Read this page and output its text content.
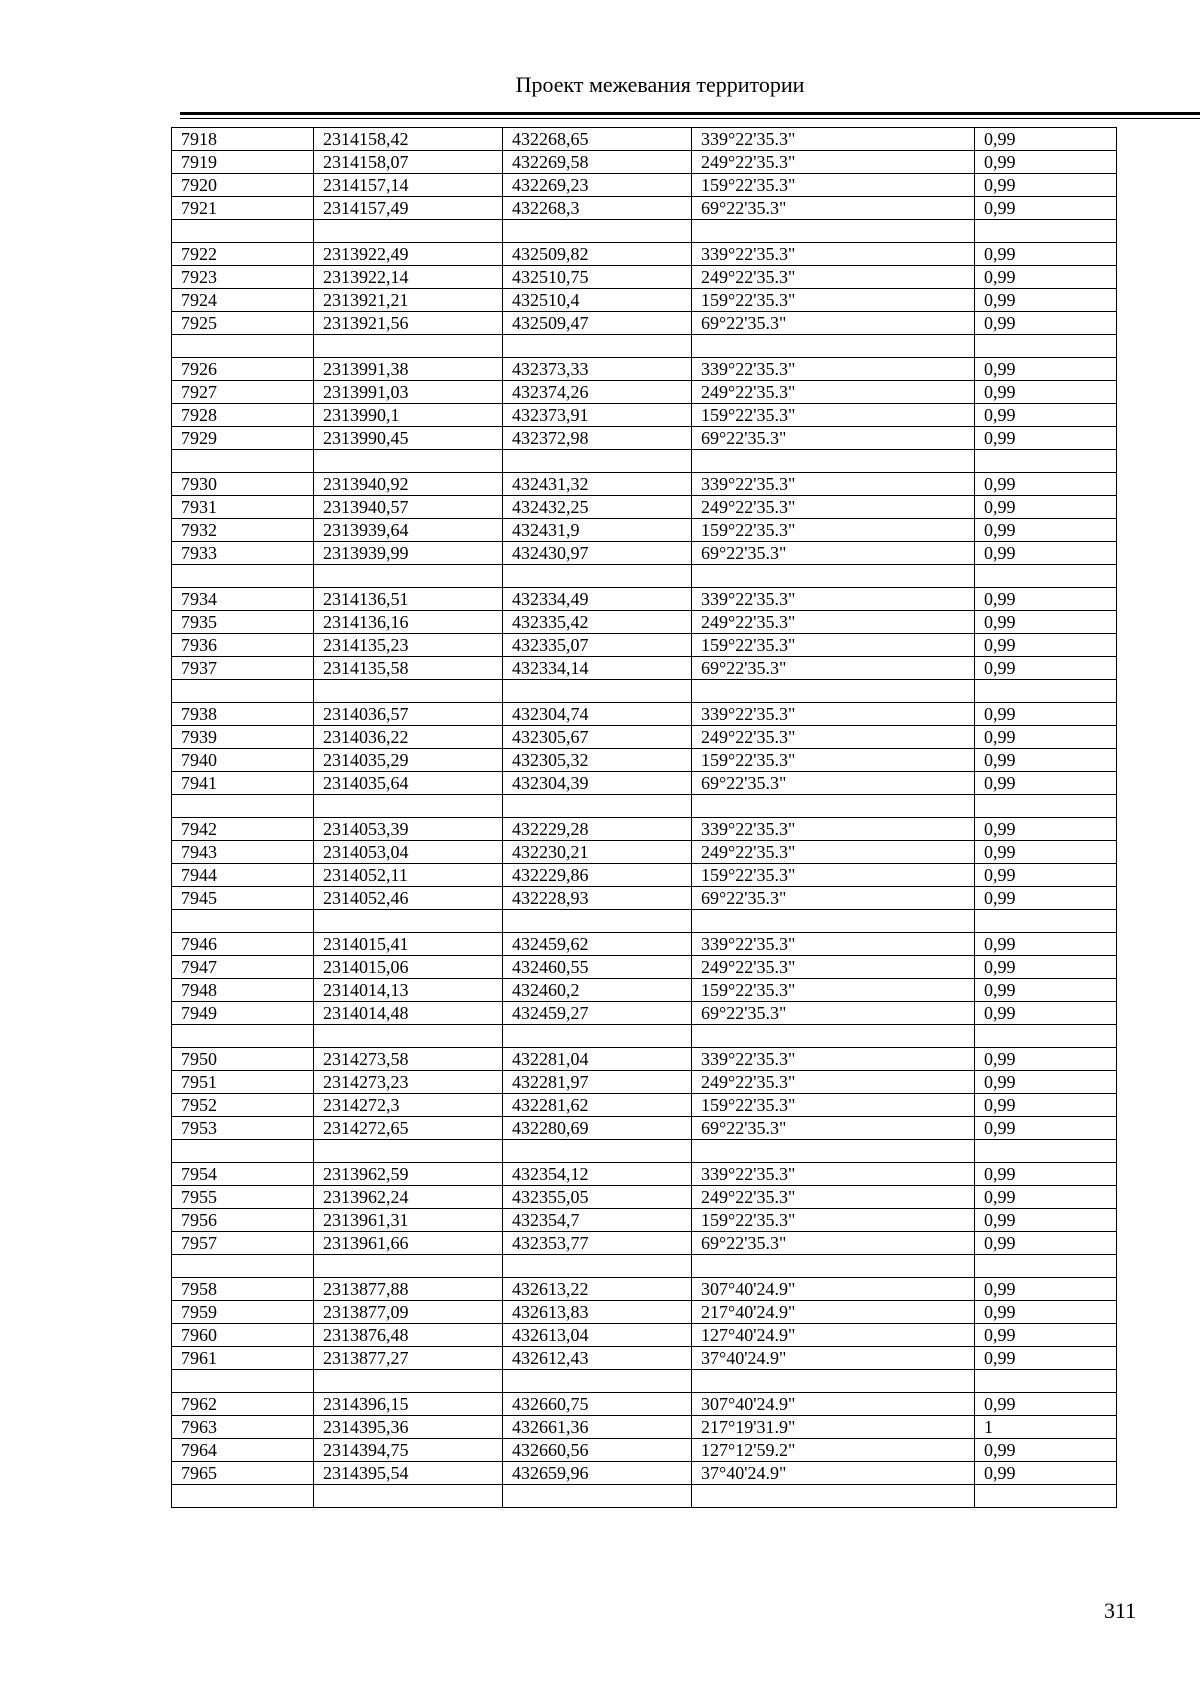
Проект межевания территории
7918	2314158,42	432268,65	339°22'35.3"	0,99
7919	2314158,07	432269,58	249°22'35.3"	0,99
7920	2314157,14	432269,23	159°22'35.3"	0,99
7921	2314157,49	432268,3	69°22'35.3"	0,99

7922	2313922,49	432509,82	339°22'35.3"	0,99
7923	2313922,14	432510,75	249°22'35.3"	0,99
7924	2313921,21	432510,4	159°22'35.3"	0,99
7925	2313921,56	432509,47	69°22'35.3"	0,99

7926	2313991,38	432373,33	339°22'35.3"	0,99
7927	2313991,03	432374,26	249°22'35.3"	0,99
7928	2313990,1	432373,91	159°22'35.3"	0,99
7929	2313990,45	432372,98	69°22'35.3"	0,99

7930	2313940,92	432431,32	339°22'35.3"	0,99
7931	2313940,57	432432,25	249°22'35.3"	0,99
7932	2313939,64	432431,9	159°22'35.3"	0,99
7933	2313939,99	432430,97	69°22'35.3"	0,99

7934	2314136,51	432334,49	339°22'35.3"	0,99
7935	2314136,16	432335,42	249°22'35.3"	0,99
7936	2314135,23	432335,07	159°22'35.3"	0,99
7937	2314135,58	432334,14	69°22'35.3"	0,99

7938	2314036,57	432304,74	339°22'35.3"	0,99
7939	2314036,22	432305,67	249°22'35.3"	0,99
7940	2314035,29	432305,32	159°22'35.3"	0,99
7941	2314035,64	432304,39	69°22'35.3"	0,99

7942	2314053,39	432229,28	339°22'35.3"	0,99
7943	2314053,04	432230,21	249°22'35.3"	0,99
7944	2314052,11	432229,86	159°22'35.3"	0,99
7945	2314052,46	432228,93	69°22'35.3"	0,99

7946	2314015,41	432459,62	339°22'35.3"	0,99
7947	2314015,06	432460,55	249°22'35.3"	0,99
7948	2314014,13	432460,2	159°22'35.3"	0,99
7949	2314014,48	432459,27	69°22'35.3"	0,99

7950	2314273,58	432281,04	339°22'35.3"	0,99
7951	2314273,23	432281,97	249°22'35.3"	0,99
7952	2314272,3	432281,62	159°22'35.3"	0,99
7953	2314272,65	432280,69	69°22'35.3"	0,99

7954	2313962,59	432354,12	339°22'35.3"	0,99
7955	2313962,24	432355,05	249°22'35.3"	0,99
7956	2313961,31	432354,7	159°22'35.3"	0,99
7957	2313961,66	432353,77	69°22'35.3"	0,99

7958	2313877,88	432613,22	307°40'24.9"	0,99
7959	2313877,09	432613,83	217°40'24.9"	0,99
7960	2313876,48	432613,04	127°40'24.9"	0,99
7961	2313877,27	432612,43	37°40'24.9"	0,99

7962	2314396,15	432660,75	307°40'24.9"	0,99
7963	2314395,36	432661,36	217°19'31.9"	1
7964	2314394,75	432660,56	127°12'59.2"	0,99
7965	2314395,54	432659,96	37°40'24.9"	0,99

311
